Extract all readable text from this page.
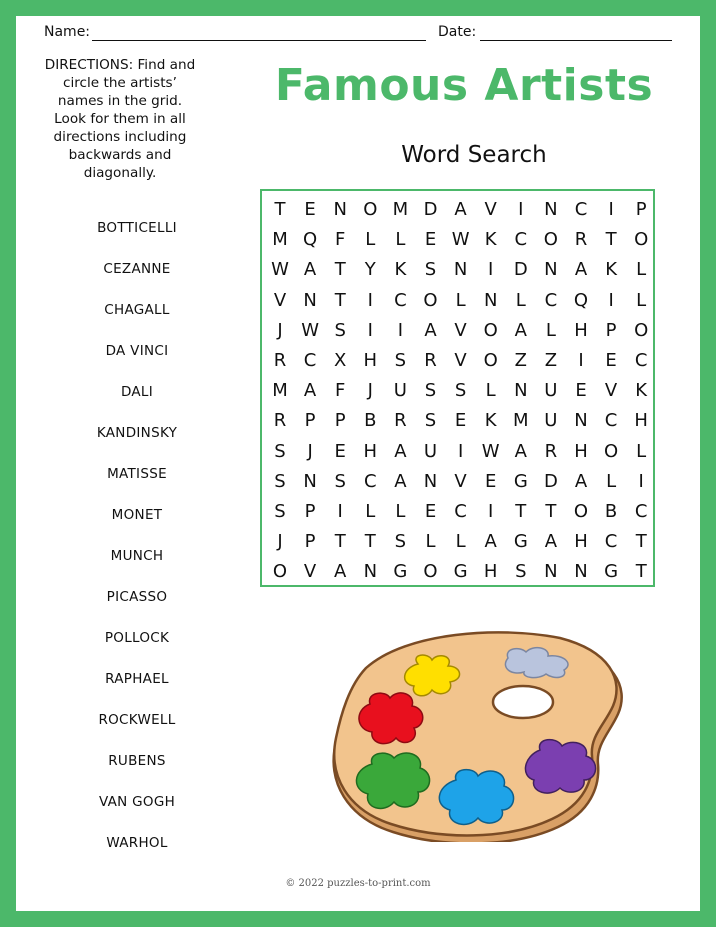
Name:	Date:
DIRECTIONS: Find and circle the artists’ names in the grid. Look for them in all directions including backwards and diagonally.
Famous Artists
Word Search
BOTTICELLI
CEZANNE
CHAGALL
DA VINCI
DALI
KANDINSKY
MATISSE
MONET
MUNCH
PICASSO
POLLOCK
RAPHAEL
ROCKWELL
RUBENS
VAN GOGH
WARHOL
T	E N O M D A V	I	N C	I	P
M Q F	L	L	E W K C O R	T O
W A	T	Y	K	S N	I	D N A	K	L
V N T	I	C O	L	N	L	C Q	I	L
J	W S	I	I	A V O A	L	H P O
R C X H S	R V O Z Z	I	E	C
M A	F	J	U S	S	L	N U E	V	K
R	P	P	B R	S	E	K M U N C H
S	J	E H A U	I	W A R H O	L
S N S	C A N V	E G D A	L	I
S	P	I	L	L	E	C	I	T	T O B C
J	P	T	T	S	L	L	A G A H C	T
O V A N G O G H S N N G T
© 2022 puzzles-to-print.com
